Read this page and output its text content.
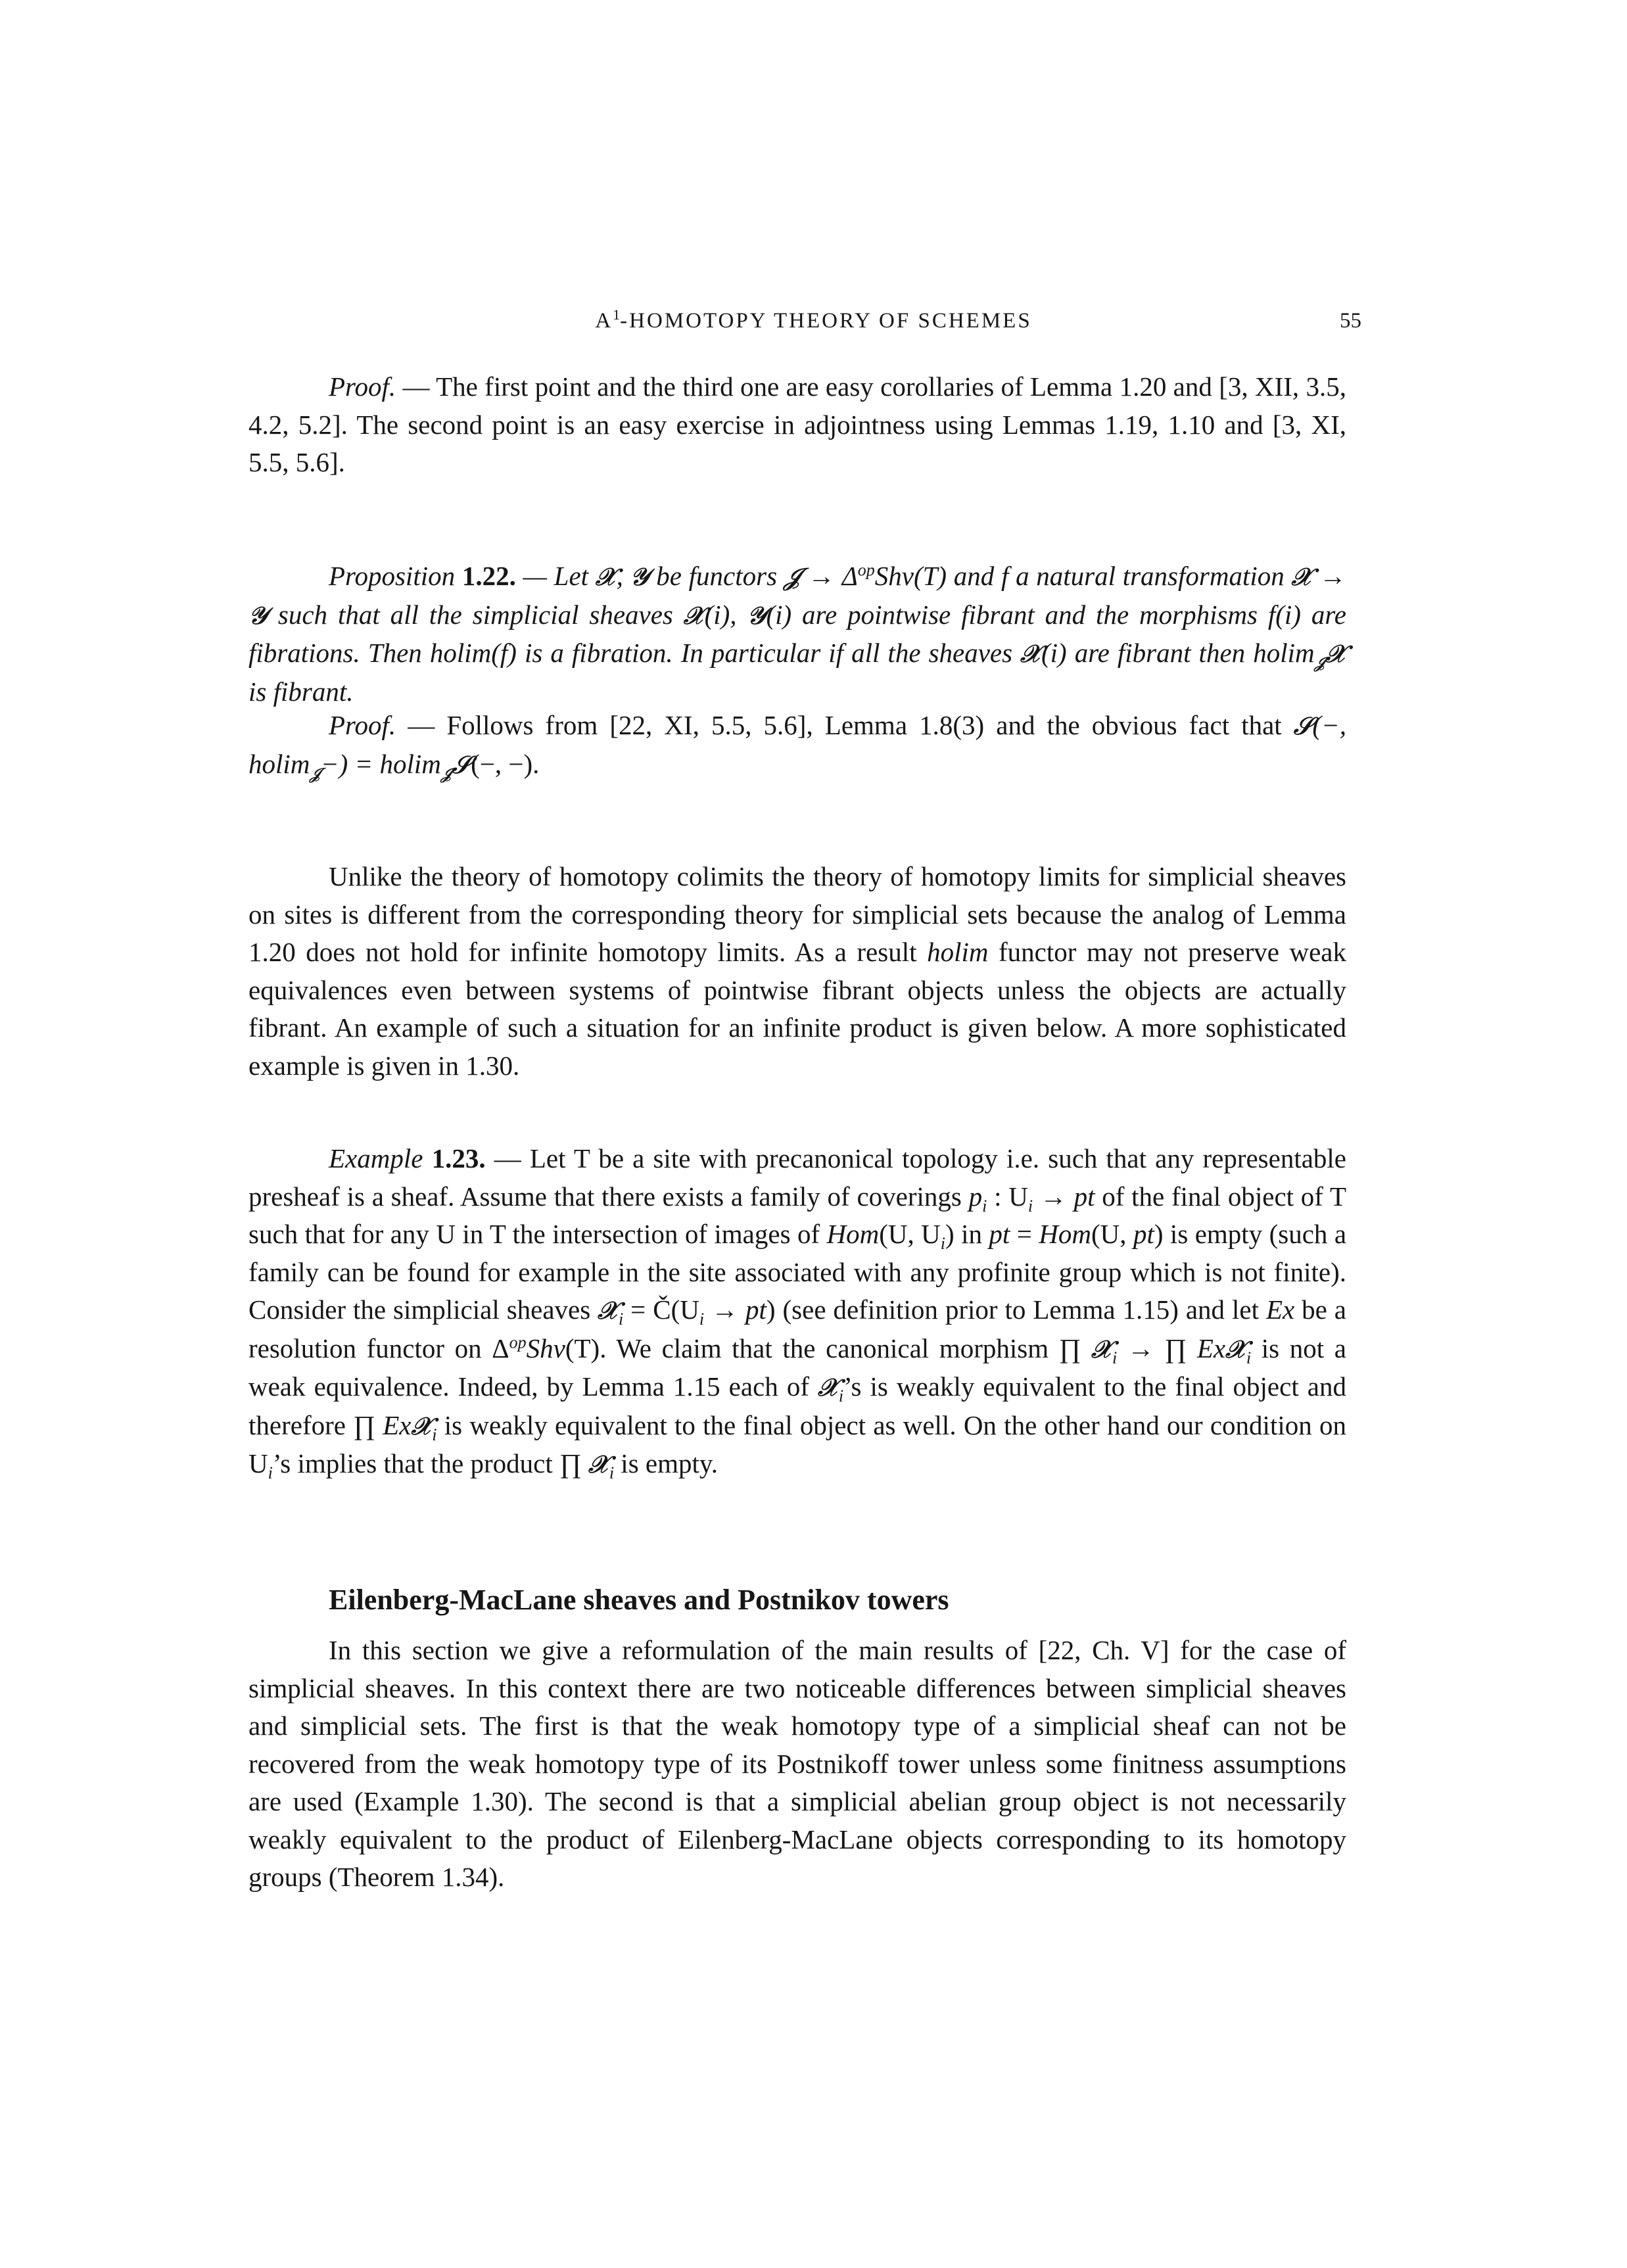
$A^1$-HOMOTOPY THEORY OF SCHEMES	55

Proof. — The first point and the third one are easy corollaries of Lemma 1.20 and [3, XII, 3.5, 4.2, 5.2]. The second point is an easy exercise in adjointness using Lemmas 1.19, 1.10 and [3, XI, 5.5, 5.6].

Proposition 1.22. — Let 𝒳, 𝒴 be functors 𝒥 → $\Delta^{op}Shv(T)$ and f a natural transformation 𝒳 → 𝒴 such that all the simplicial sheaves 𝒳(i), 𝒴(i) are pointwise fibrant and the morphisms f(i) are fibrations. Then holim(f) is a fibration. In particular if all the sheaves 𝒳(i) are fibrant then holim$_𝒥$𝒳 is fibrant.

Proof. — Follows from [22, XI, 5.5, 5.6], Lemma 1.8(3) and the obvious fact that 𝒮(−, holim$_𝒥$−) = holim$_𝒥$𝒮(−, −).

Unlike the theory of homotopy colimits the theory of homotopy limits for simplicial sheaves on sites is different from the corresponding theory for simplicial sets because the analog of Lemma 1.20 does not hold for infinite homotopy limits. As a result holim functor may not preserve weak equivalences even between systems of pointwise fibrant objects unless the objects are actually fibrant. An example of such a situation for an infinite product is given below. A more sophisticated example is given in 1.30.

Example 1.23. — Let T be a site with precanonical topology i.e. such that any representable presheaf is a sheaf. Assume that there exists a family of coverings $p_i$ : $U_i$ → pt of the final object of T such that for any U in T the intersection of images of Hom(U, $U_i$) in pt = Hom(U, pt) is empty (such a family can be found for example in the site associated with any profinite group which is not finite). Consider the simplicial sheaves 𝒳$_i$ = $Č(U_i \to pt)$ (see definition prior to Lemma 1.15) and let Ex be a resolution functor on $\Delta^{op}Shv(T)$. We claim that the canonical morphism ∏ 𝒳$_i$ → ∏ Ex𝒳$_i$ is not a weak equivalence. Indeed, by Lemma 1.15 each of 𝒳$_i$’s is weakly equivalent to the final object and therefore ∏ Ex𝒳$_i$ is weakly equivalent to the final object as well. On the other hand our condition on $U_i’s$ implies that the product ∏ 𝒳$_i$ is empty.

Eilenberg-MacLane sheaves and Postnikov towers

In this section we give a reformulation of the main results of [22, Ch. V] for the case of simplicial sheaves. In this context there are two noticeable differences between simplicial sheaves and simplicial sets. The first is that the weak homotopy type of a simplicial sheaf can not be recovered from the weak homotopy type of its Postnikoff tower unless some finitness assumptions are used (Example 1.30). The second is that a simplicial abelian group object is not necessarily weakly equivalent to the product of Eilenberg-MacLane objects corresponding to its homotopy groups (Theorem 1.34).
